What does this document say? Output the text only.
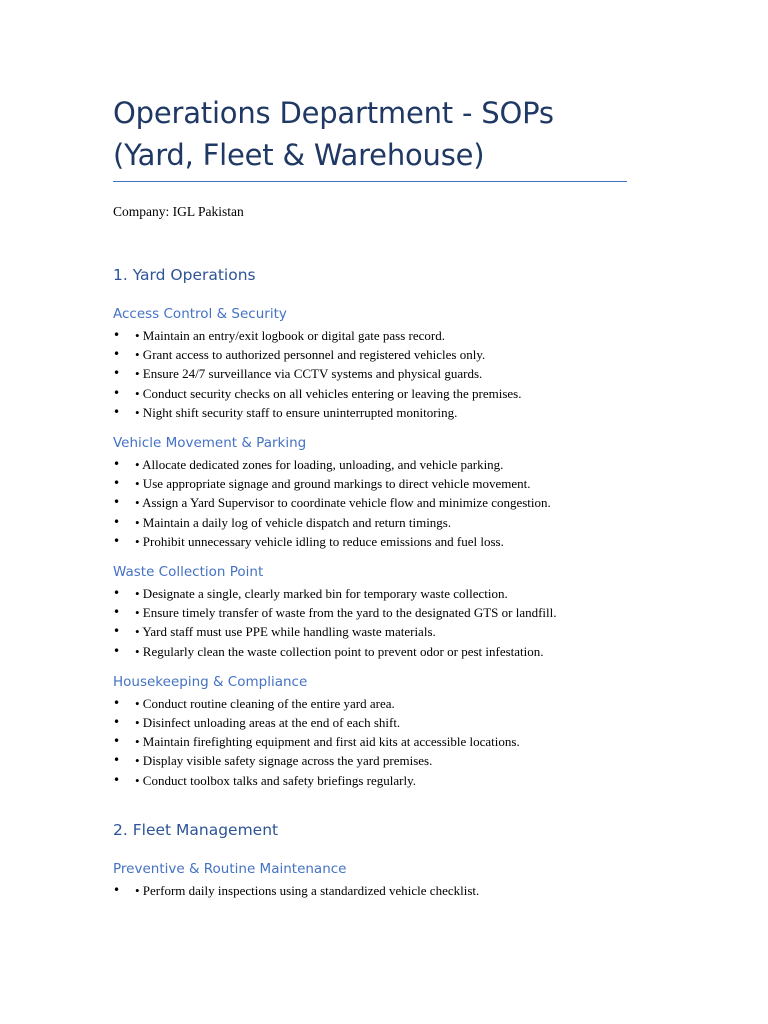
Operations Department - SOPs (Yard, Fleet & Warehouse)
Company: IGL Pakistan
1. Yard Operations
Access Control & Security
• • Maintain an entry/exit logbook or digital gate pass record.
• • Grant access to authorized personnel and registered vehicles only.
• • Ensure 24/7 surveillance via CCTV systems and physical guards.
• • Conduct security checks on all vehicles entering or leaving the premises.
• • Night shift security staff to ensure uninterrupted monitoring.
Vehicle Movement & Parking
• • Allocate dedicated zones for loading, unloading, and vehicle parking.
• • Use appropriate signage and ground markings to direct vehicle movement.
• • Assign a Yard Supervisor to coordinate vehicle flow and minimize congestion.
• • Maintain a daily log of vehicle dispatch and return timings.
• • Prohibit unnecessary vehicle idling to reduce emissions and fuel loss.
Waste Collection Point
• • Designate a single, clearly marked bin for temporary waste collection.
• • Ensure timely transfer of waste from the yard to the designated GTS or landfill.
• • Yard staff must use PPE while handling waste materials.
• • Regularly clean the waste collection point to prevent odor or pest infestation.
Housekeeping & Compliance
• • Conduct routine cleaning of the entire yard area.
• • Disinfect unloading areas at the end of each shift.
• • Maintain firefighting equipment and first aid kits at accessible locations.
• • Display visible safety signage across the yard premises.
• • Conduct toolbox talks and safety briefings regularly.
2. Fleet Management
Preventive & Routine Maintenance
• • Perform daily inspections using a standardized vehicle checklist.
